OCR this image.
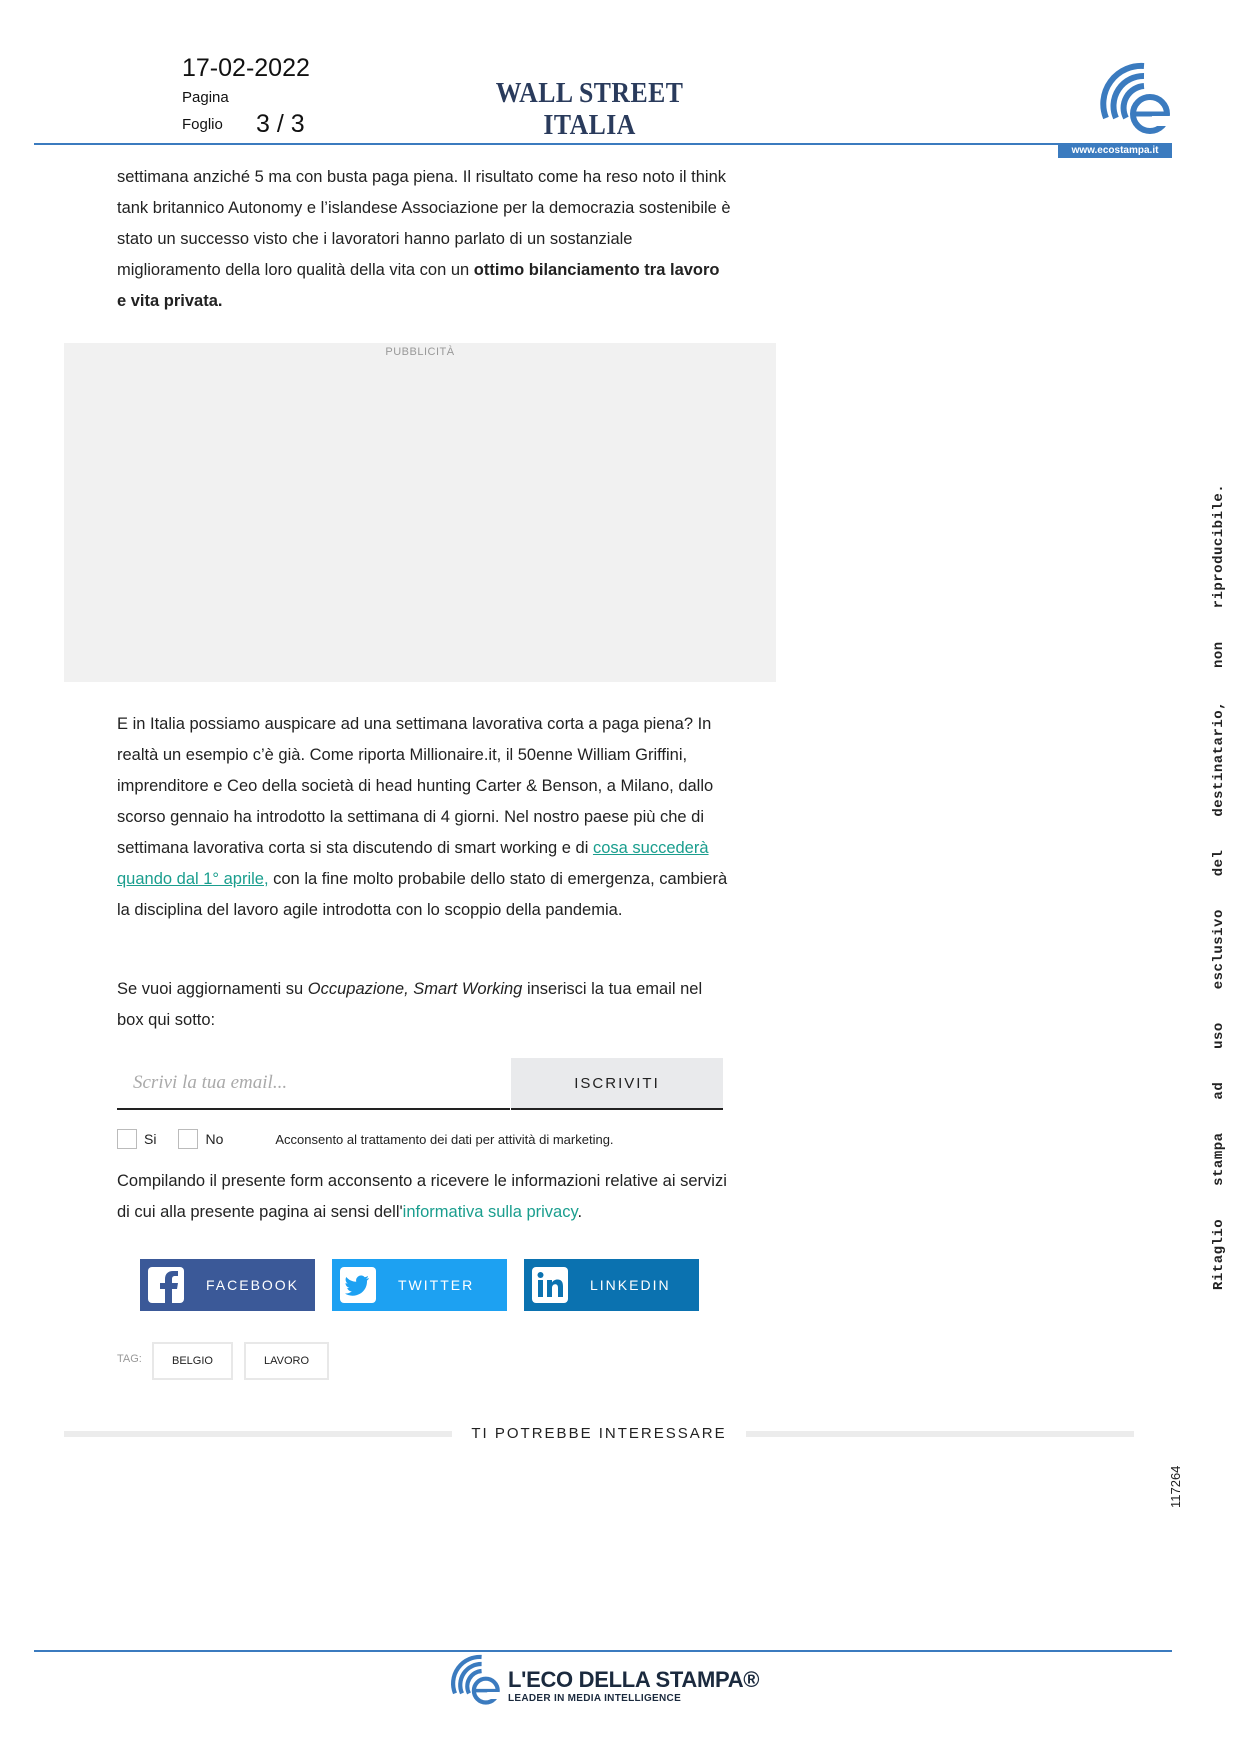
17-02-2022
Pagina
Foglio 3 / 3
WALL STREET ITALIA
www.ecostampa.it
settimana anziché 5 ma con busta paga piena. Il risultato come ha reso noto il think tank britannico Autonomy e l’islandese Associazione per la democrazia sostenibile è stato un successo visto che i lavoratori hanno parlato di un sostanziale miglioramento della loro qualità della vita con un ottimo bilanciamento tra lavoro e vita privata.
PUBBLICITÀ
E in Italia possiamo auspicare ad una settimana lavorativa corta a paga piena? In realtà un esempio c’è già. Come riporta Millionaire.it, il 50enne William Griffini, imprenditore e Ceo della società di head hunting Carter & Benson, a Milano, dallo scorso gennaio ha introdotto la settimana di 4 giorni. Nel nostro paese più che di settimana lavorativa corta si sta discutendo di smart working e di cosa succederà quando dal 1° aprile, con la fine molto probabile dello stato di emergenza, cambierà la disciplina del lavoro agile introdotta con lo scoppio della pandemia.
Se vuoi aggiornamenti su Occupazione, Smart Working inserisci la tua email nel box qui sotto:
Scrivi la tua email...
ISCRIVITI
Si	No	Acconsento al trattamento dei dati per attività di marketing.
Compilando il presente form acconsento a ricevere le informazioni relative ai servizi di cui alla presente pagina ai sensi dell'informativa sulla privacy.
FACEBOOK	TWITTER	LINKEDIN
TAG:	BELGIO	LAVORO
TI POTREBBE INTERESSARE
Ritaglio stampa ad uso esclusivo del destinatario, non riproducibile.
117264
L'ECO DELLA STAMPA®
LEADER IN MEDIA INTELLIGENCE
